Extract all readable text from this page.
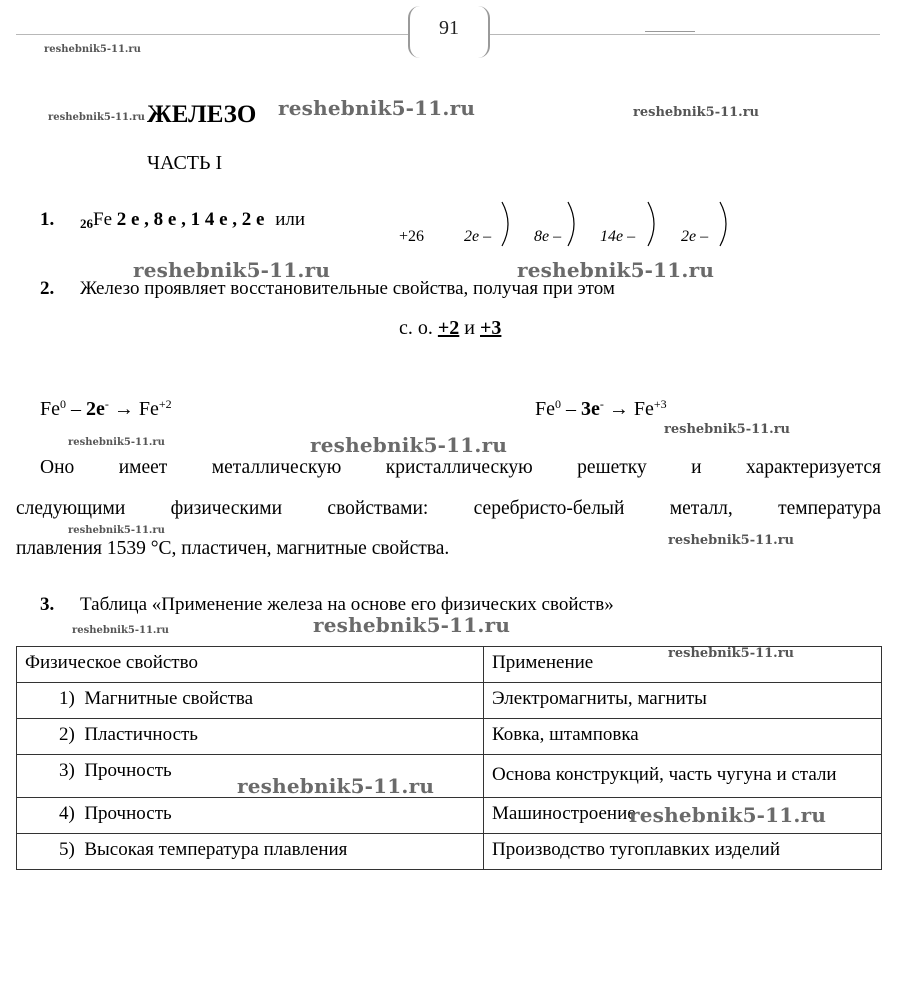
91
reshebnik5-11.ru
reshebnik5-11.ru	reshebnik5-11.ru
reshebnik5-11.ru
reshebnik5-11.ru	reshebnik5-11.ru
reshebnik5-11.ru	reshebnik5-11.ru
reshebnik5-11.ru
reshebnik5-11.ru
reshebnik5-11.ru
reshebnik5-11.ru	reshebnik5-11.ru
reshebnik5-11.ru
reshebnik5-11.ru
reshebnik5-11.ru
ЖЕЛЕЗО
ЧАСТЬ I
1. $_{26}$Fe 2 e , 8 e , 1 4 e , 2 e или
+26 2e –	8e – 14e –	2e –
2. Железо проявляет восстановительные свойства, получая при этом
с. о. +2 и +3
$Fe^0 - 2e^- \to Fe^{+2}$	$Fe^0 - 3e^- \to Fe^{+3}$
Оно имеет металлическую кристаллическую решетку и характеризуется
следующими физическими свойствами: серебристо-белый металл, температура
плавления 1539 °С, пластичен, магнитные свойства.
3. Таблица «Применение железа на основе его физических свойств»
Физическое свойство	Применение
1) Магнитные свойства	Электромагниты, магниты
2) Пластичность	Ковка, штамповка
3) Прочность	Основа конструкций, часть чугуна и стали
4) Прочность	Машиностроение
5) Высокая температура плавления	Производство тугоплавких изделий
